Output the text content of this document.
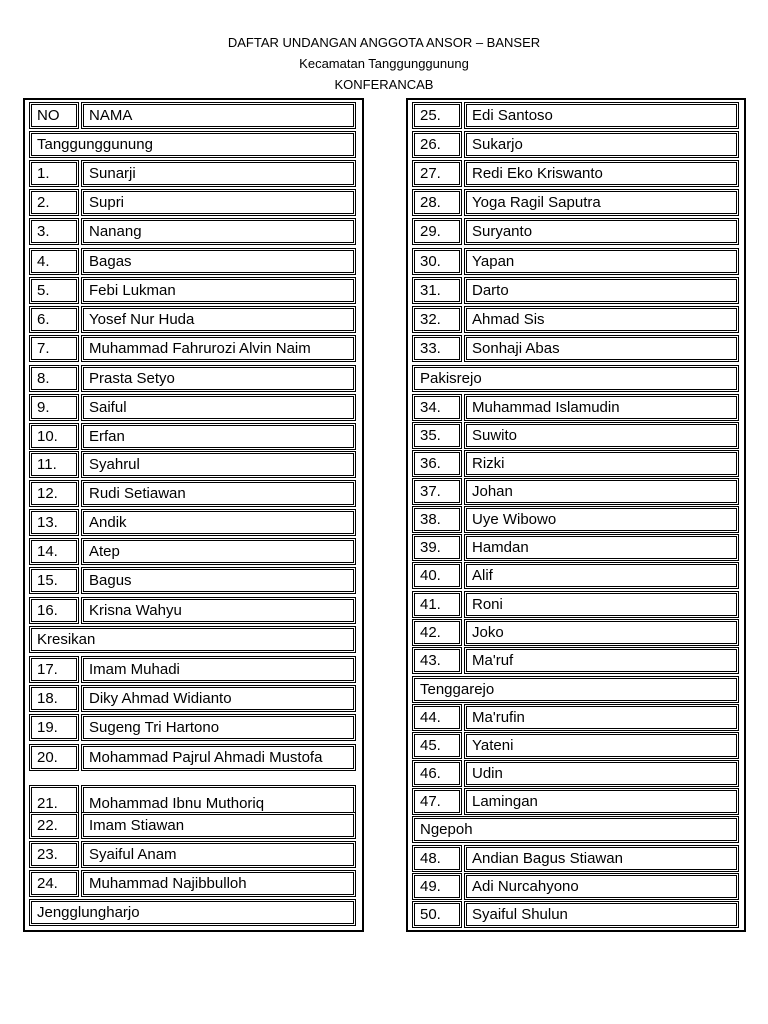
DAFTAR UNDANGAN ANGGOTA ANSOR – BANSER
Kecamatan Tanggunggunung
KONFERANCAB
NO	NAMA
Tanggunggunung
1.	Sunarji
2.	Supri
3.	Nanang
4.	Bagas
5.	Febi Lukman
6.	Yosef Nur Huda
7.	Muhammad Fahrurozi Alvin Naim
8.	Prasta Setyo
9.	Saiful
10.	Erfan
11.	Syahrul
12.	Rudi Setiawan
13.	Andik
14.	Atep
15.	Bagus
16.	Krisna Wahyu
Kresikan
17.	Imam Muhadi
18.	Diky Ahmad Widianto
19.	Sugeng Tri Hartono
20.	Mohammad Pajrul Ahmadi Mustofa
21.	Mohammad Ibnu Muthoriq
22.	Imam Stiawan
23.	Syaiful Anam
24.	Muhammad Najibbulloh
Jengglungharjo
25.	Edi Santoso
26.	Sukarjo
27.	Redi Eko Kriswanto
28.	Yoga Ragil Saputra
29.	Suryanto
30.	Yapan
31.	Darto
32.	Ahmad Sis
33.	Sonhaji Abas
Pakisrejo
34.	Muhammad Islamudin
35.	Suwito
36.	Rizki
37.	Johan
38.	Uye Wibowo
39.	Hamdan
40.	Alif
41.	Roni
42.	Joko
43.	Ma'ruf
Tenggarejo
44.	Ma'rufin
45.	Yateni
46.	Udin
47.	Lamingan
Ngepoh
48.	Andian Bagus Stiawan
49.	Adi Nurcahyono
50.	Syaiful Shulun
